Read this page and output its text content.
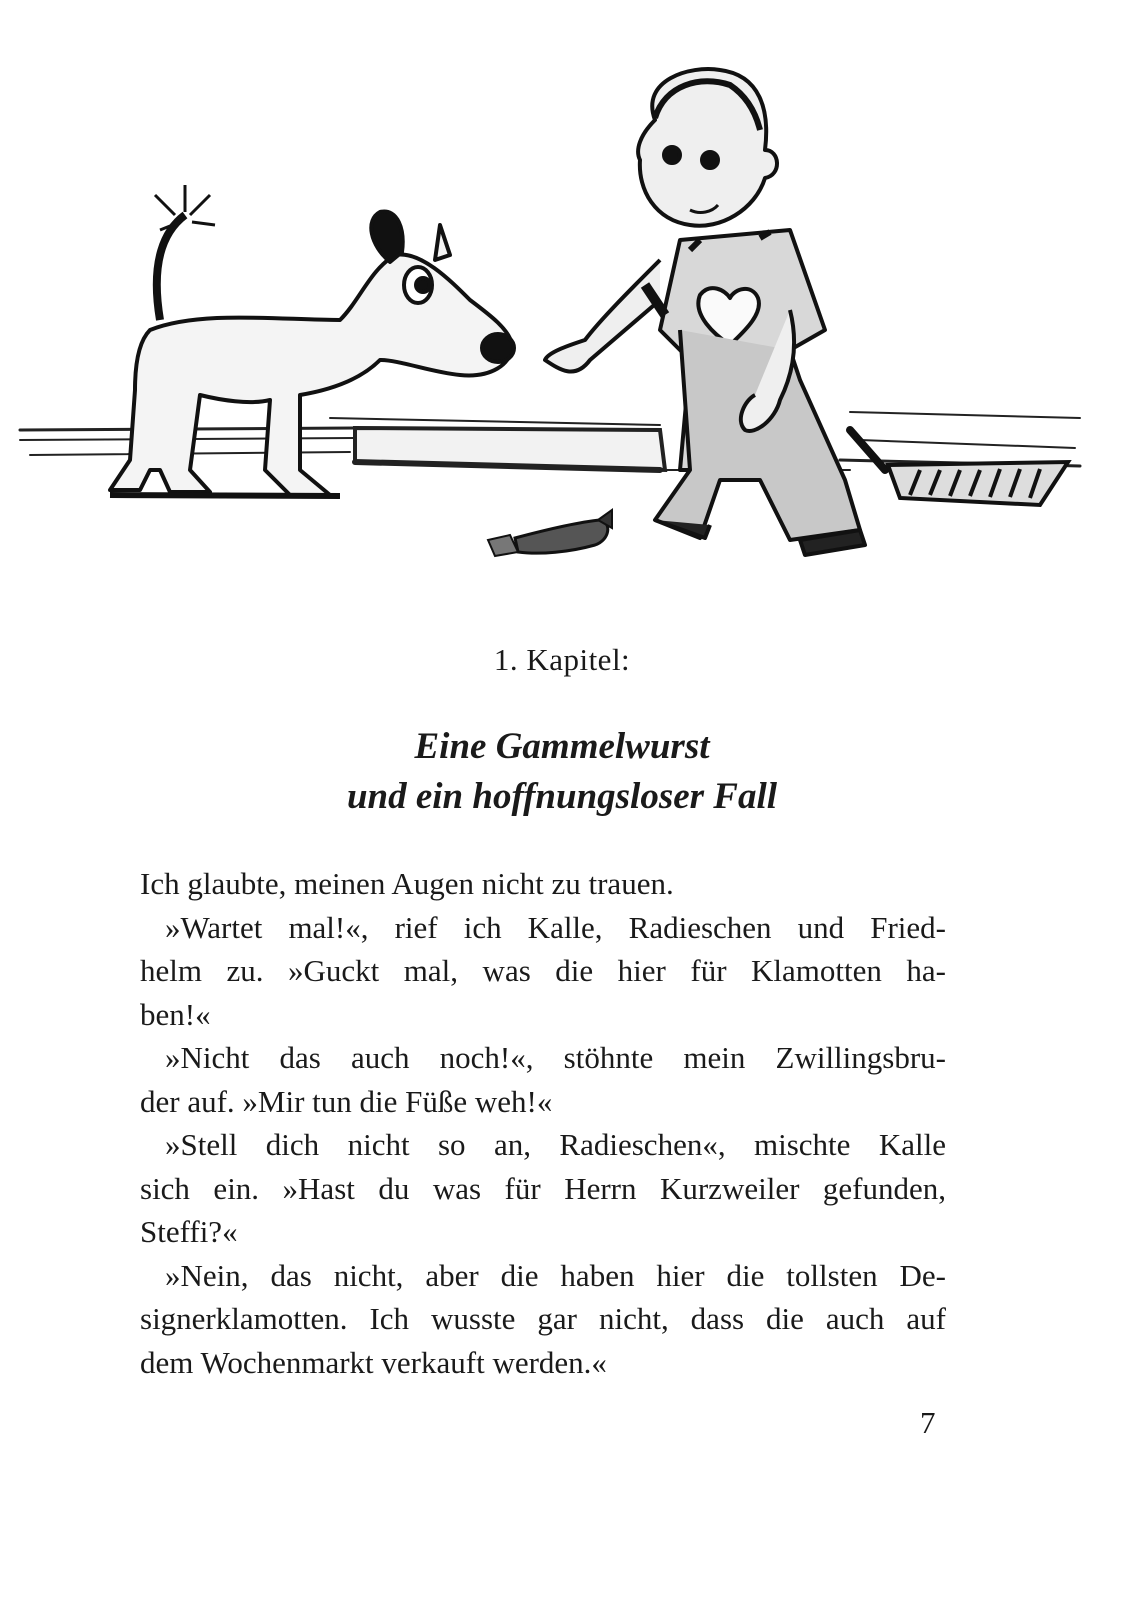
1. Kapitel:
Eine Gammelwurst
und ein hoffnungsloser Fall
Ich glaubte, meinen Augen nicht zu trauen.
»Wartet mal!«, rief ich Kalle, Radieschen und Fried-
helm zu. »Guckt mal, was die hier für Klamotten ha-
ben!«
»Nicht das auch noch!«, stöhnte mein Zwillingsbru-
der auf. »Mir tun die Füße weh!«
»Stell dich nicht so an, Radieschen«, mischte Kalle
sich ein. »Hast du was für Herrn Kurzweiler gefunden,
Steffi?«
»Nein, das nicht, aber die haben hier die tollsten De-
signerklamotten. Ich wusste gar nicht, dass die auch auf
dem Wochenmarkt verkauft werden.«
7
